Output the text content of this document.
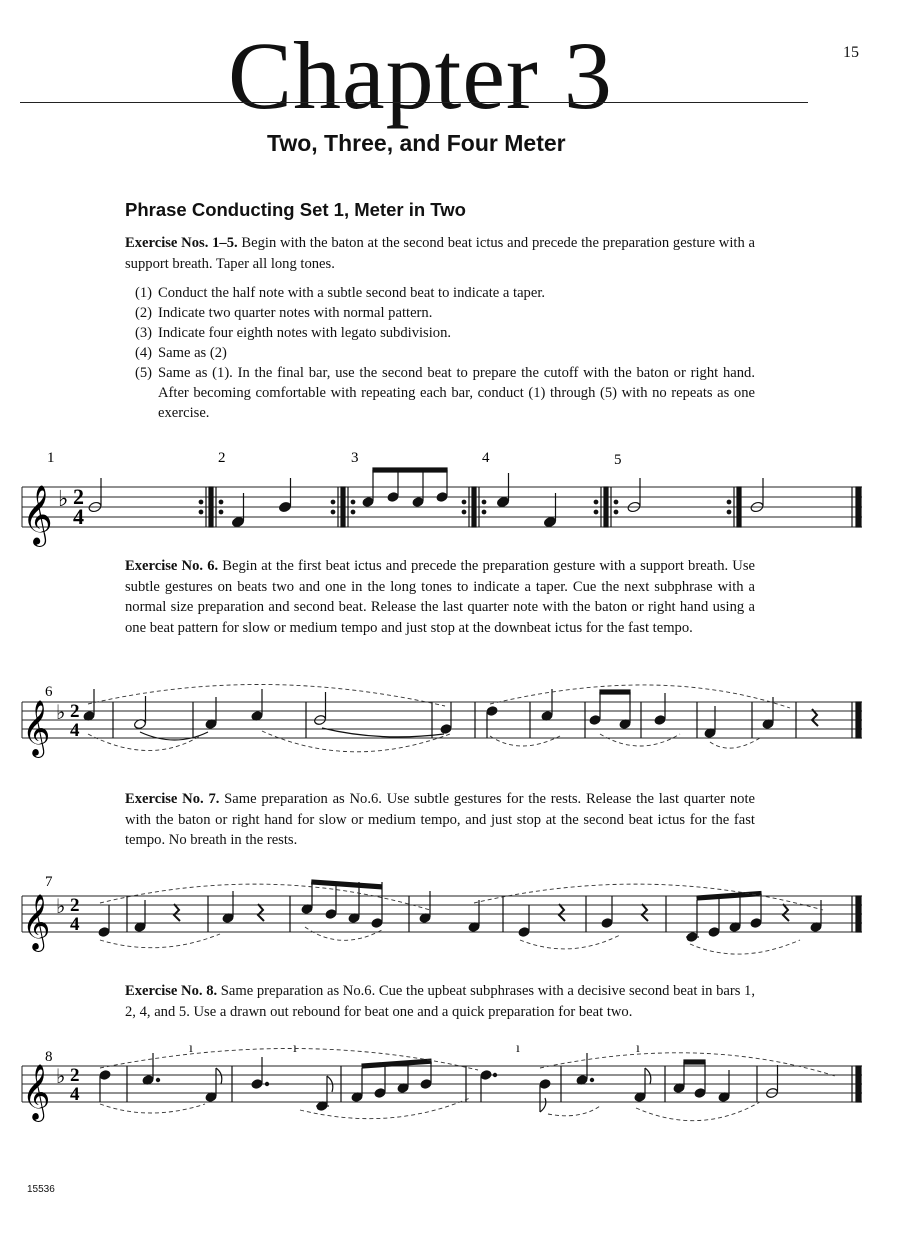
Chapter 3	15
Two, Three, and Four Meter
Phrase Conducting Set 1, Meter in Two
Exercise Nos. 1–5. Begin with the baton at the second beat ictus and precede the preparation gesture with a support breath. Taper all long tones.
(1) Conduct the half note with a subtle second beat to indicate a taper.
(2) Indicate two quarter notes with normal pattern.
(3) Indicate four eighth notes with legato subdivision.
(4) Same as (2)
(5) Same as (1). In the final bar, use the second beat to prepare the cutoff with the baton or right hand. After becoming comfortable with repeating each bar, conduct (1) through (5) with no repeats as one exercise.
1	2	3	4	5
𝄞 ♭ 2
4
Exercise No. 6. Begin at the first beat ictus and precede the preparation gesture with a support breath. Use subtle gestures on beats two and one in the long tones to indicate a taper. Cue the next subphrase with a normal size preparation and second beat. Release the last quarter note with the baton or right hand using a one beat pattern for slow or medium tempo and just stop at the downbeat ictus for the fast tempo.
6
𝄞 ♭ 2
4
Exercise No. 7. Same preparation as No.6. Use subtle gestures for the rests. Release the last quarter note with the baton or right hand for slow or medium tempo, and just stop at the second beat ictus for the fast tempo. No breath in the rests.
7
𝄞 ♭ 2
4
Exercise No. 8. Same preparation as No.6. Cue the upbeat subphrases with a decisive second beat in bars 1, 2, 4, and 5. Use a drawn out rebound for beat one and a quick preparation for beat two.
8
𝄞 ♭ 2
4
ı	ı	ı	ı
15536
